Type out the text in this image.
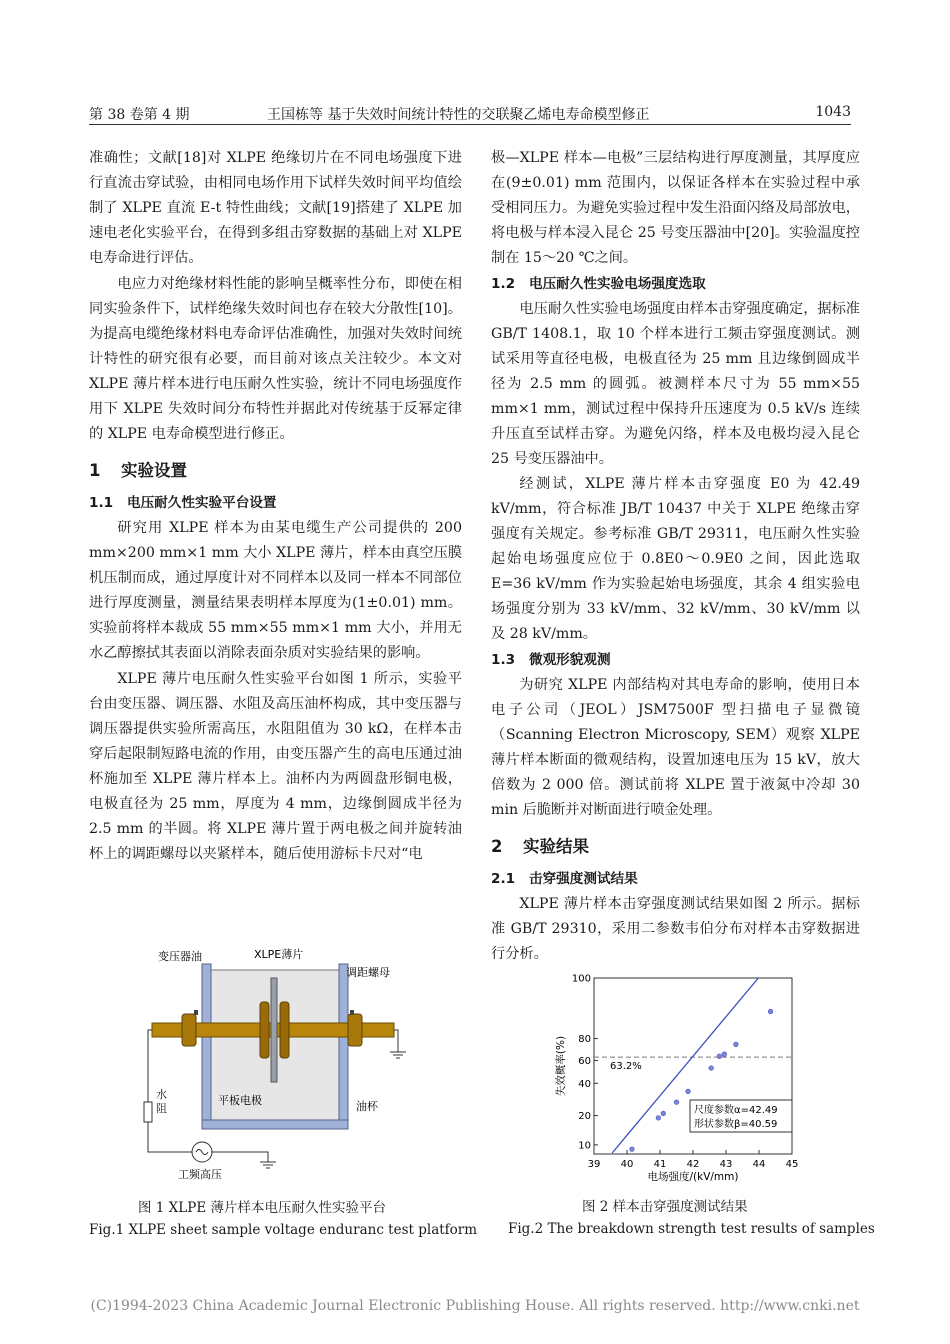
第 38 卷第 4 期	王国栋等 基于失效时间统计特性的交联聚乙烯电寿命模型修正	1043

准确性；文献[18]对 XLPE 绝缘切片在不同电场强度下进行直流击穿试验，由相同电场作用下试样失效时间平均值绘制了 XLPE 直流 E-t 特性曲线；文献[19]搭建了 XLPE 加速电老化实验平台，在得到多组击穿数据的基础上对 XLPE 电寿命进行评估。

电应力对绝缘材料性能的影响呈概率性分布，即使在相同实验条件下，试样绝缘失效时间也存在较大分散性[10]。为提高电缆绝缘材料电寿命评估准确性，加强对失效时间统计特性的研究很有必要，而目前对该点关注较少。本文对 XLPE 薄片样本进行电压耐久性实验，统计不同电场强度作用下 XLPE 失效时间分布特性并据此对传统基于反幂定律的 XLPE 电寿命模型进行修正。

1 实验设置
1.1 电压耐久性实验平台设置

研究用 XLPE 样本为由某电缆生产公司提供的 200 mm×200 mm×1 mm 大小 XLPE 薄片，样本由真空压膜机压制而成，通过厚度计对不同样本以及同一样本不同部位进行厚度测量，测量结果表明样本厚度为(1±0.01) mm。实验前将样本裁成 55 mm×55 mm×1 mm 大小，并用无水乙醇擦拭其表面以消除表面杂质对实验结果的影响。

XLPE 薄片电压耐久性实验平台如图 1 所示，实验平台由变压器、调压器、水阻及高压油杯构成，其中变压器与调压器提供实验所需高压，水阻阻值为 30 kΩ，在样本击穿后起限制短路电流的作用，由变压器产生的高电压通过油杯施加至 XLPE 薄片样本上。油杯内为两圆盘形铜电极，电极直径为 25 mm，厚度为 4 mm，边缘倒圆成半径为 2.5 mm 的半圆。将 XLPE 薄片置于两电极之间并旋转油杯上的调距螺母以夹紧样本，随后使用游标卡尺对“电

极—XLPE 样本—电极”三层结构进行厚度测量，其厚度应在(9±0.01) mm 范围内，以保证各样本在实验过程中承受相同压力。为避免实验过程中发生沿面闪络及局部放电，将电极与样本浸入昆仑 25 号变压器油中[20]。实验温度控制在 15～20 ℃之间。

1.2 电压耐久性实验电场强度选取

电压耐久性实验电场强度由样本击穿强度确定，据标准 GB/T 1408.1，取 10 个样本进行工频击穿强度测试。测试采用等直径电极，电极直径为 25 mm 且边缘倒圆成半径为 2.5 mm 的圆弧。被测样本尺寸为 55 mm×55 mm×1 mm，测试过程中保持升压速度为 0.5 kV/s 连续升压直至试样击穿。为避免闪络，样本及电极均浸入昆仑 25 号变压器油中。

经测试，XLPE 薄片样本击穿强度 E0 为 42.49 kV/mm，符合标准 JB/T 10437 中关于 XLPE 绝缘击穿强度有关规定。参考标准 GB/T 29311，电压耐久性实验起始电场强度应位于 0.8E0～0.9E0 之间，因此选取 E=36 kV/mm 作为实验起始电场强度，其余 4 组实验电场强度分别为 33 kV/mm、32 kV/mm、30 kV/mm 以及 28 kV/mm。

1.3 微观形貌观测

为研究 XLPE 内部结构对其电寿命的影响，使用日本电子公司（JEOL）JSM7500F 型扫描电子显微镜（Scanning Electron Microscopy, SEM）观察 XLPE 薄片样本断面的微观结构，设置加速电压为 15 kV，放大倍数为 2 000 倍。测试前将 XLPE 置于液氮中冷却 30 min 后脆断并对断面进行喷金处理。

2 实验结果
2.1 击穿强度测试结果

XLPE 薄片样本击穿强度测试结果如图 2 所示。据标准 GB/T 29310，采用二参数韦伯分布对样本击穿数据进行分析。

变压器油	XLPE薄片
调距螺母
平板电极	油杯
工频高压
水阻
图 1 XLPE 薄片样本电压耐久性实验平台
Fig.1 XLPE sheet sample voltage enduranc test platform
39 40 41 42 43 44 45
10
20
40
60
80
100
63.2%
尺度参数α=42.49
形状参数β=40.59
电场强度/(kV/mm)
失效概率(%)
图 2 样本击穿强度测试结果
Fig.2 The breakdown strength test results of samples
(C)1994-2023 China Academic Journal Electronic Publishing House. All rights reserved. http://www.cnki.net
